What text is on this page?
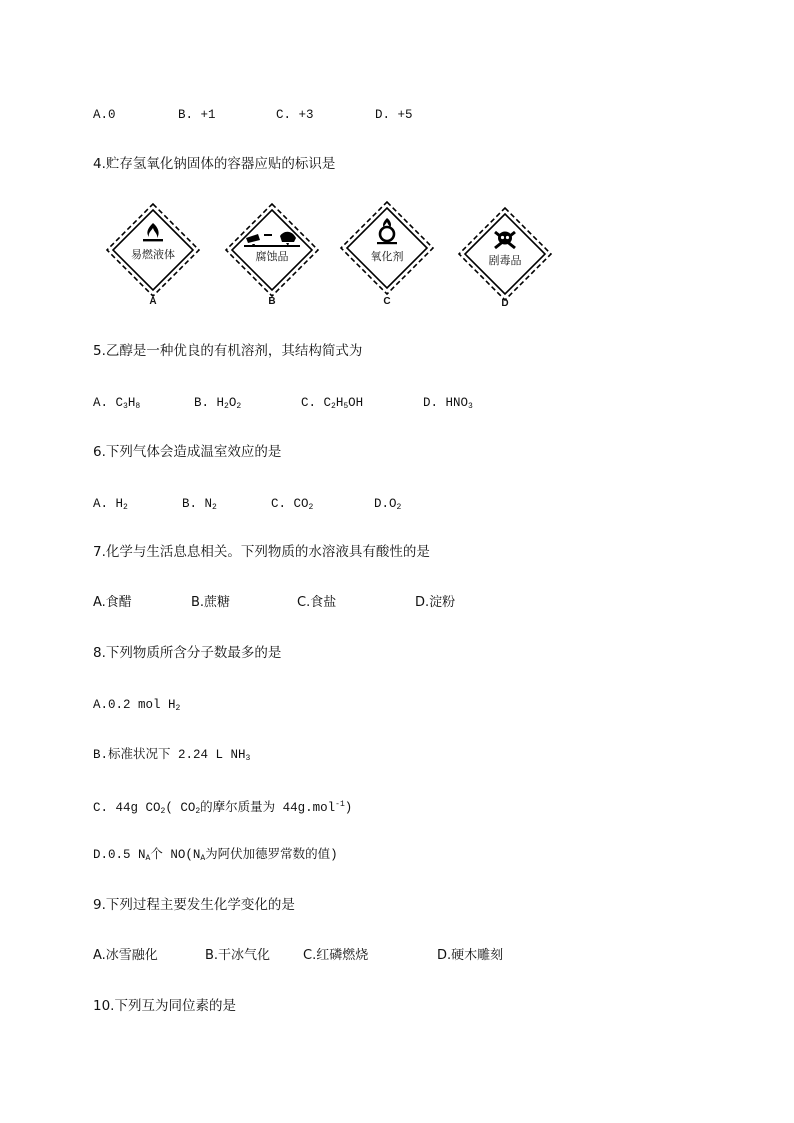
A.0	B. +1	C. +3	D. +5
4.贮存氢氧化钠固体的容器应贴的标识是
易燃液体
A
腐蚀品
B
氧化剂
C
剧毒品
D
5.乙醇是一种优良的有机溶剂，其结构简式为
A. $C_3H_8$	B. $H_2O_2$	C. $C_2H_5OH$	D. $HNO_3$
6.下列气体会造成温室效应的是
A. $H_2$	B. $N_2$	C. $CO_2$	$D.O_2$
7.化学与生活息息相关。下列物质的水溶液具有酸性的是
A.食醋	B.蔗糖	C.食盐	D.淀粉
8.下列物质所含分子数最多的是
A.0.2 mol $H_2$
B.标准状况下 2.24 L $NH_3$
C. 44g $CO_2$( $CO_2$的摩尔质量为 44g.mol$^{-1}$)
D.0.5 $N_A$个 $NO(N_A$为阿伏加德罗常数的值)
9.下列过程主要发生化学变化的是
A.冰雪融化	B.干冰气化	C.红磷燃烧	D.硬木雕刻
10.下列互为同位素的是
